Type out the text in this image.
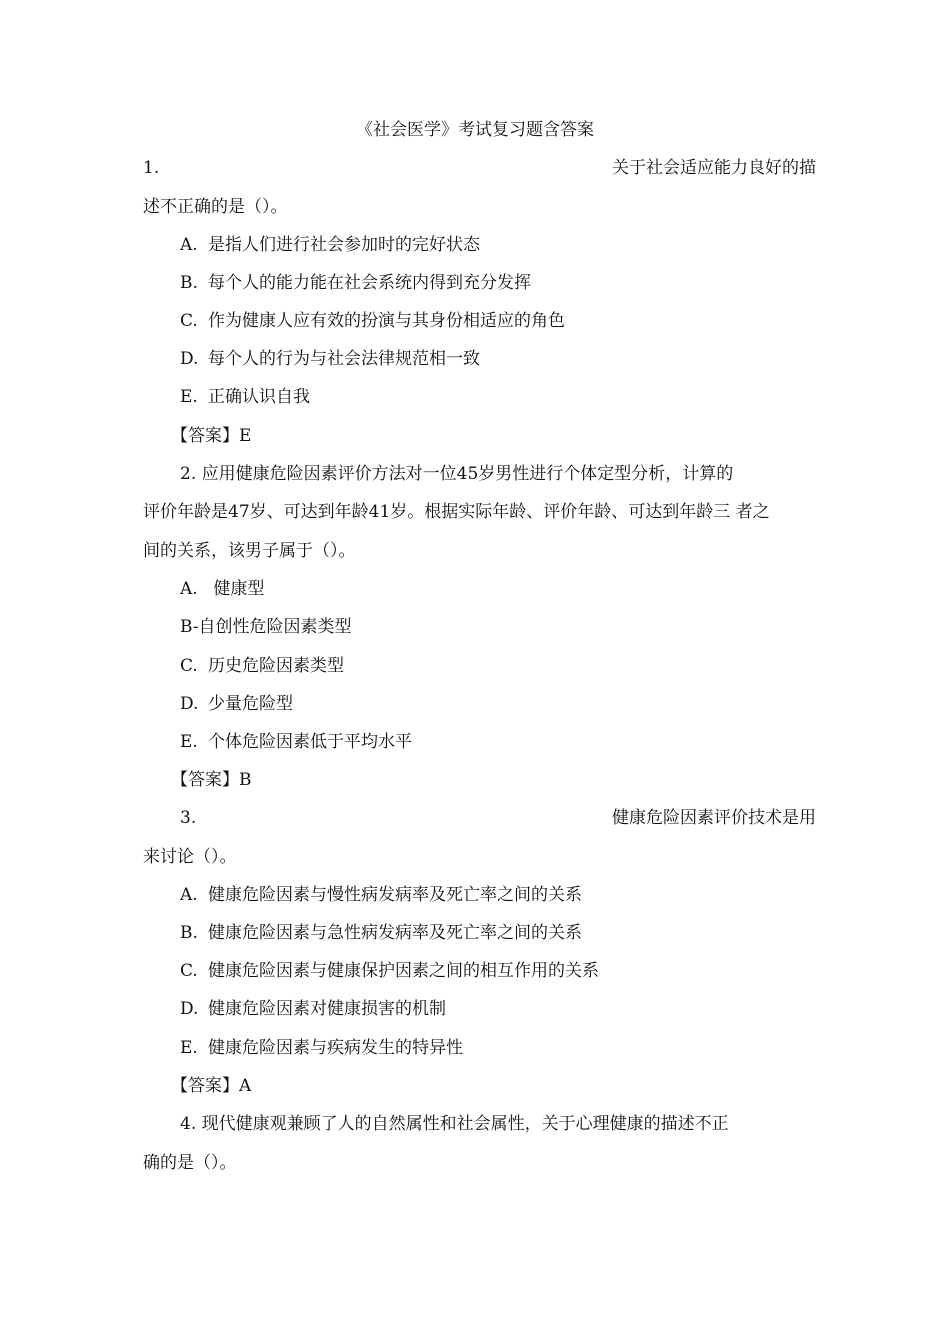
《社会医学》考试复习题含答案
1.	关于社会适应能力良好的描
述不正确的是（）。
A. 是指人们进行社会参加时的完好状态
B. 每个人的能力能在社会系统内得到充分发挥
C. 作为健康人应有效的扮演与其身份相适应的角色
D. 每个人的行为与社会法律规范相一致
E. 正确认识自我
【答案】E
2. 应用健康危险因素评价方法对一位45岁男性进行个体定型分析，计算的
评价年龄是47岁、可达到年龄41岁。根据实际年龄、评价年龄、可达到年龄三 者之
间的关系，该男子属于（）。
A. 健康型
B-自创性危险因素类型
C. 历史危险因素类型
D. 少量危险型
E. 个体危险因素低于平均水平
【答案】B
3.	健康危险因素评价技术是用
来讨论（）。
A. 健康危险因素与慢性病发病率及死亡率之间的关系
B. 健康危险因素与急性病发病率及死亡率之间的关系
C. 健康危险因素与健康保护因素之间的相互作用的关系
D. 健康危险因素对健康损害的机制
E. 健康危险因素与疾病发生的特异性
【答案】A
4. 现代健康观兼顾了人的自然属性和社会属性，关于心理健康的描述不正
确的是（）。
